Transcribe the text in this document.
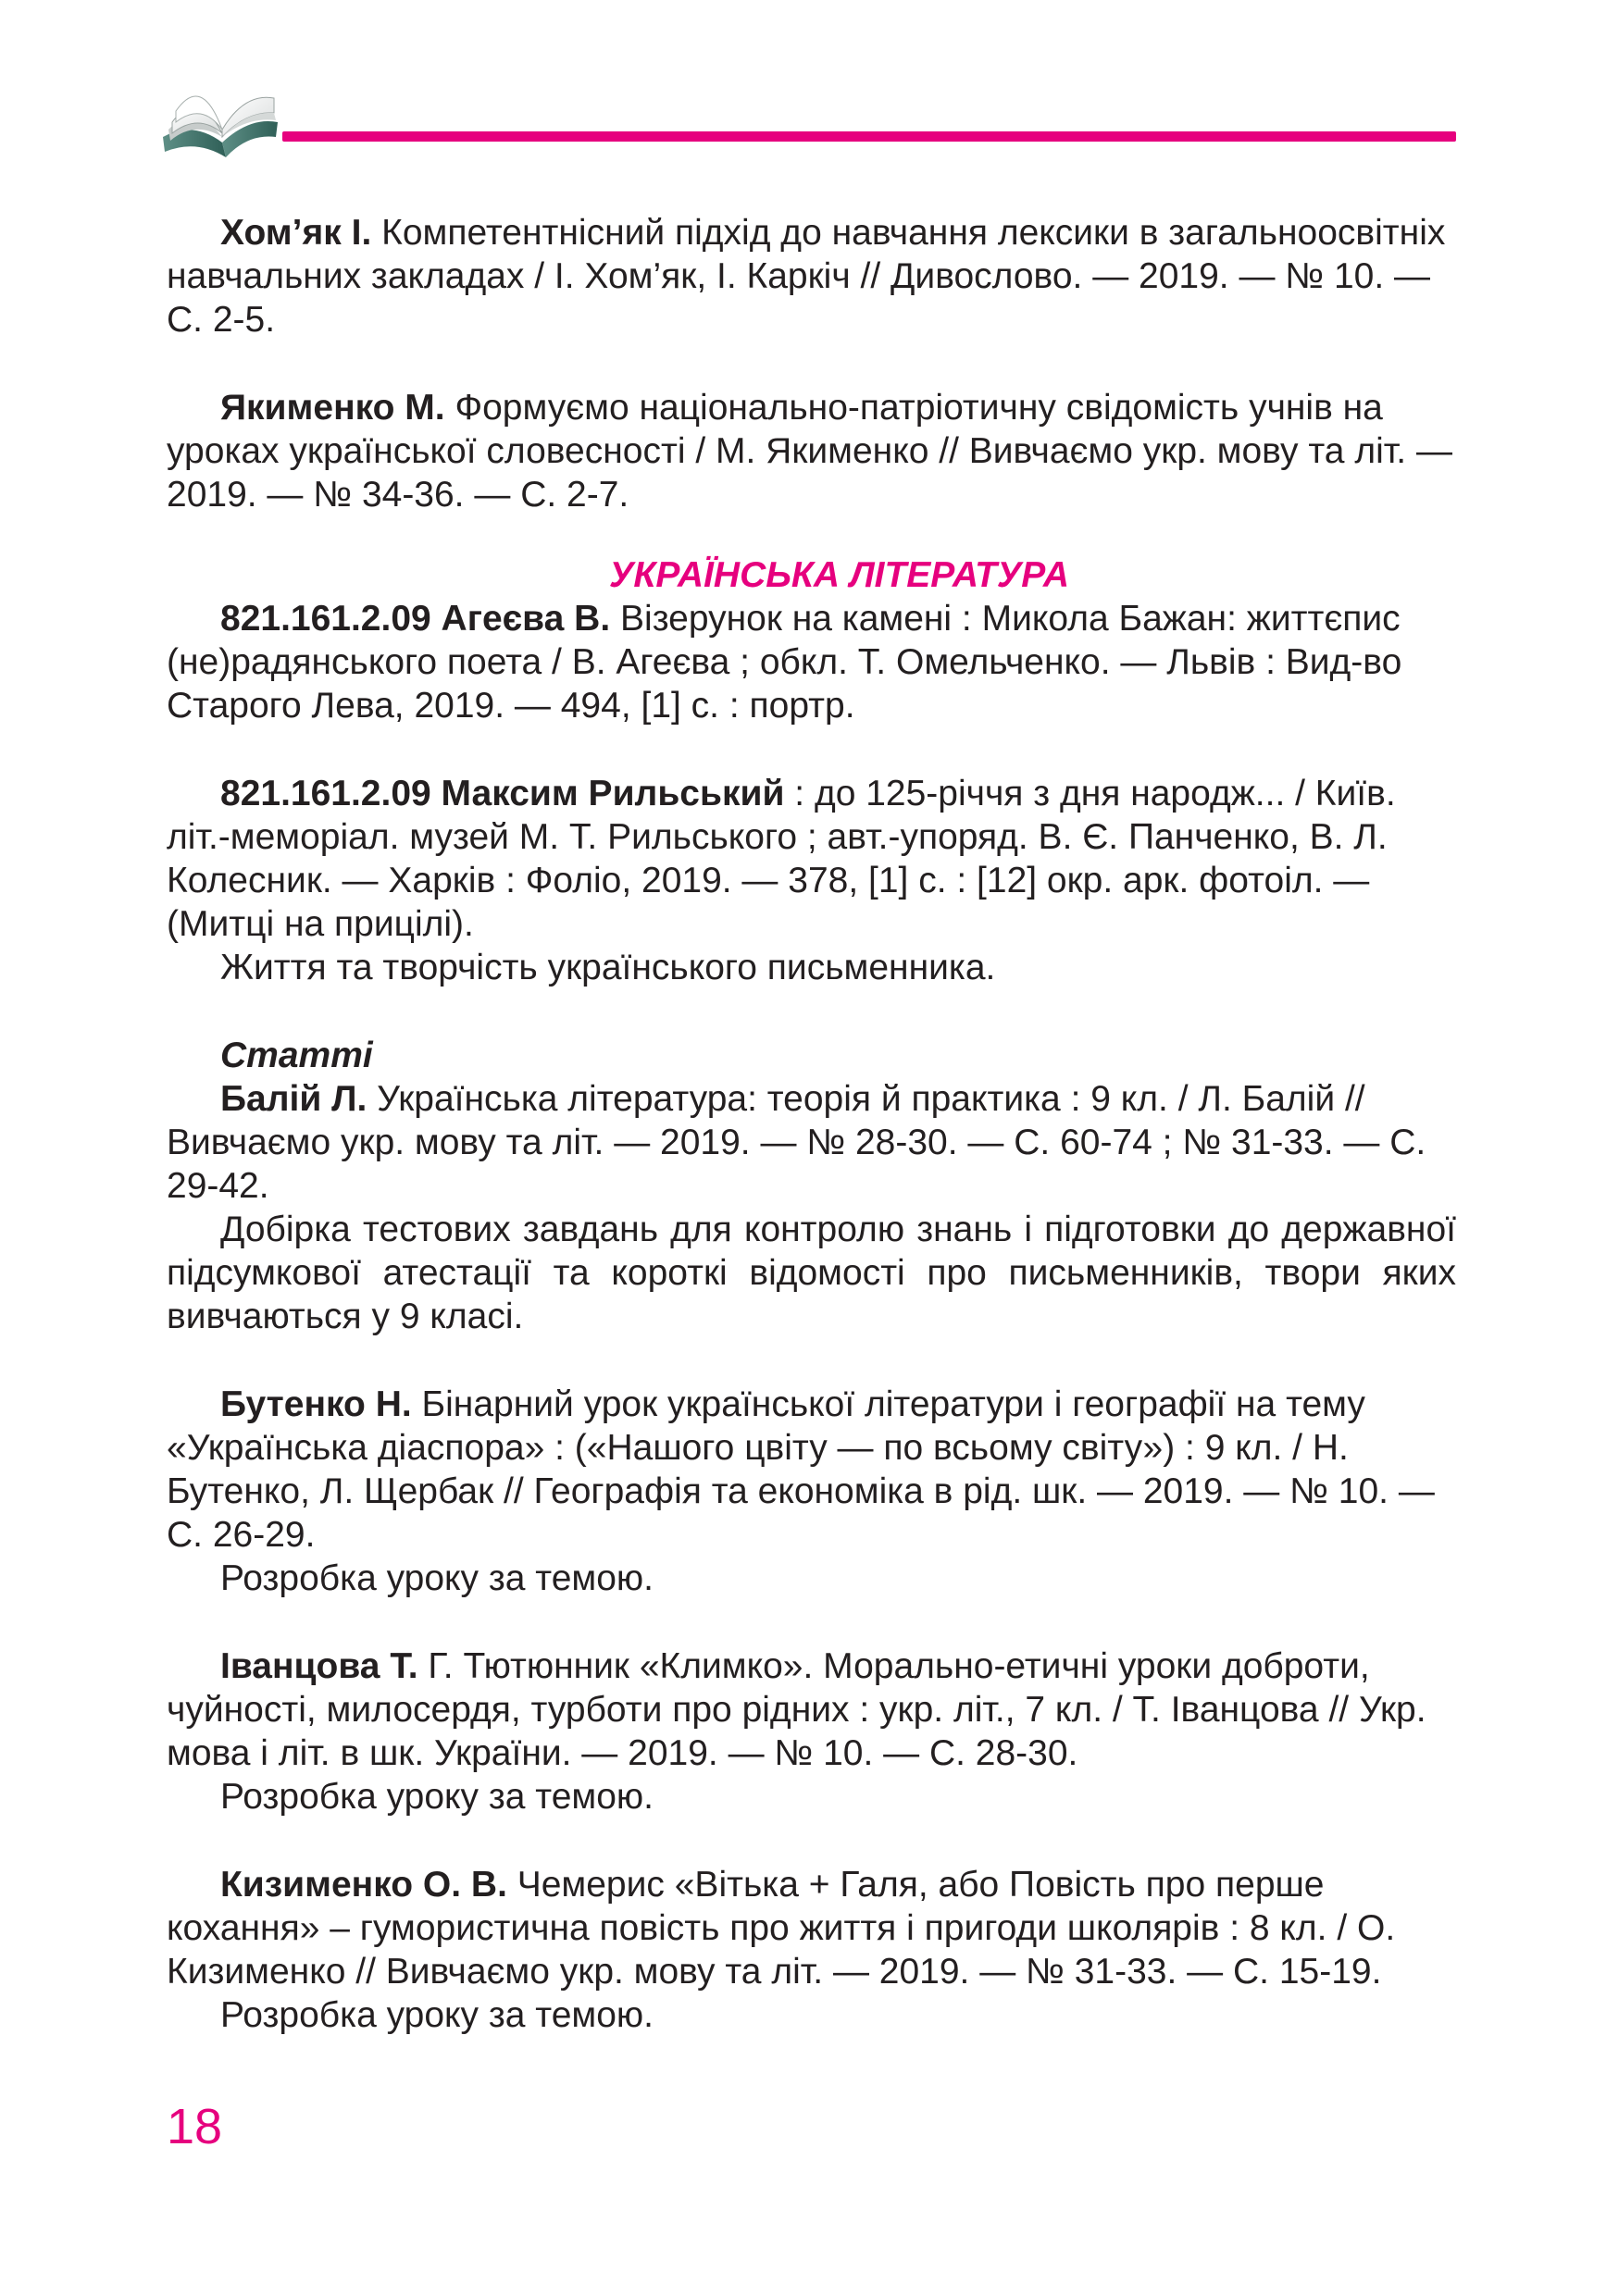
Хом’як І. Компетентнісний підхід до навчання лексики в загальноосвітніх навчальних закладах / І. Хом’як, І. Каркіч // Дивослово. — 2019. — № 10. — С. 2-5.

Якименко М. Формуємо національно-патріотичну свідомість учнів на уроках української словесності / М. Якименко // Вивчаємо укр. мову та літ. — 2019. — № 34-36. — С. 2-7.

УКРАЇНСЬКА ЛІТЕРАТУРА

821.161.2.09 Агеєва В. Візерунок на камені : Микола Бажан: життєпис (не)радянського поета / В. Агеєва ; обкл. Т. Омельченко. — Львів : Вид-во Старого Лева, 2019. — 494, [1] с. : портр.

821.161.2.09 Максим Рильський : до 125-річчя з дня народж... / Київ. літ.-меморіал. музей М. Т. Рильського ; авт.-упоряд. В. Є. Панченко, В. Л. Колесник. — Харків : Фоліо, 2019. — 378, [1] с. : [12] окр. арк. фотоіл. — (Митці на прицілі).

Життя та творчість українського письменника.

Статті

Балій Л. Українська література: теорія й практика : 9 кл. / Л. Балій // Вивчаємо укр. мову та літ. — 2019. — № 28-30. — С. 60-74 ; № 31-33. — С. 29-42.

Добірка тестових завдань для контролю знань і підготовки до державної підсумкової атестації та короткі відомості про письменників, твори яких вивчаються у 9 класі.

Бутенко Н. Бінарний урок української літератури і географії на тему «Українська діаспора» : («Нашого цвіту — по всьому світу») : 9 кл. / Н. Бутенко, Л. Щербак // Географія та економіка в рід. шк. — 2019. — № 10. — С. 26-29.

Розробка уроку за темою.

Іванцова Т. Г. Тютюнник «Климко». Морально-етичні уроки доброти, чуйності, милосердя, турботи про рідних : укр. літ., 7 кл. / Т. Іванцова // Укр. мова і літ. в шк. України. — 2019. — № 10. — С. 28-30.

Розробка уроку за темою.

Кизименко О. В. Чемерис «Вітька + Галя, або Повість про перше кохання» – гумористична повість про життя і пригоди школярів : 8 кл. / О. Кизименко // Вивчаємо укр. мову та літ. — 2019. — № 31-33. — С. 15-19.

Розробка уроку за темою.

18
